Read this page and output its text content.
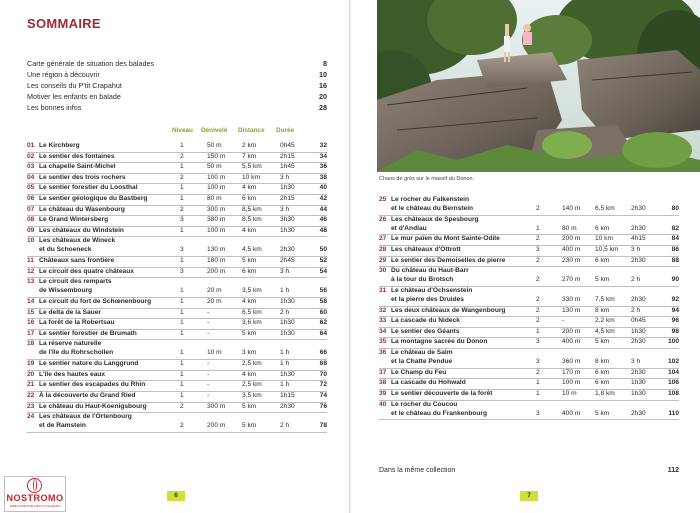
SOMMAIRE
Carte générale de situation des balades	8
Une région à découvrir	10
Les conseils du P'tit Crapahut	16
Motiver les enfants en balade	20
Les bonnes infos	28
Niveau Dénivelé Distance Durée
01 Le Kirchberg	1	50 m	2 km	0h45	32
02 Le sentier des fontaines	2	150 m	7 km	2h15	34
03 La chapelle Saint-Michel	1	50 m	5,5 km	1h45	36
04 Le sentier des trois rochers	2	100 m	10 km	3 h	38
05 Le sentier forestier du Loosthal	1	100 m	4 km	1h30	40
06 Le sentier géologique du Bastberg	1	80 m	6 km	2h15	42
07 Le château du Wasenbourg	2	300 m	8,5 km	3 h	44
08 Le Grand Wintersberg	3	380 m	8,5 km	3h30	46
09 Les châteaux du Windstein	1	100 m	4 km	1h30	48
10 Les châteaux de Wineck
et du Schoeneck	3	130 m	4,5 km	2h30	50
11 Châteaux sans frontière	1	180 m	5 km	2h45	52
12 Le circuit des quatre châteaux	3	200 m	6 km	3 h	54
13 Le circuit des remparts
de Wissembourg	1	20 m	3,5 km	1 h	56
14 Le circuit du fort de Schœnenbourg	1	20 m	4 km	1h30	58
15 Le delta de la Sauer	1	-	6,5 km	2 h	60
16 La forêt de la Robertsau	1	-	3,6 km	1h30	62
17 Le sentier forestier de Brumath	1	-	5 km	1h30	64
18 La réserve naturelle
de l'île du Rohrschollen	1	10 m	3 km	1 h	66
19 Le sentier nature du Langgrund	1	-	2,5 km	1 h	68
20 L'île des hautes eaux	1	-	4 km	1h30	70
21 Le sentier des escapades du Rhin	1	-	2,5 km	1 h	72
22 À la découverte du Grand Ried	1	-	3,5 km	1h15	74
23 Le château du Haut-Koenigsbourg	2	300 m	5 km	2h30	76
24 Les châteaux de l'Ortenbourg
et de Ramstein	2	200 m	5 km	2 h	78
6
Chaos de grès sur le massif du Donon.
25 Le rocher du Falkenstein
et le château du Bernstein	2	140 m 6,5 km 2h30	80
26 Les châteaux de Spesbourg
et d'Andlau	1	80 m	6 km	2h30	82
27 Le mur païen du Mont Sainte-Odile	2	200 m 10 km	4h15	84
28 Les châteaux d'Ottrott	3	400 m 10,5 km 3 h	86
29 Le sentier des Demoiselles de pierre	2	230 m 6 km	2h30	88
30 Du château du Haut-Barr
à la tour du Brotsch	2	270 m 5 km	2 h	90
31 Le château d'Ochsenstein
et la pierre des Druides	2	330 m 7,5 km 2h30	92
32 Les deux châteaux de Wangenbourg	2	130 m 8 km	2 h	94
33 La cascade du Nideck	2	-	2,2 km 0h45	96
34 Le sentier des Géants	1	200 m 4,5 km 1h30	98
35 La montagne sacrée du Donon	3	400 m 5 km	2h30	100
36 Le château de Salm
et la Chatte Pendue	3	360 m 8 km	3 h	102
37 Le Champ du Feu	2	170 m 6 km	2h30	104
38 La cascade du Hohwald	1	100 m 6 km	1h30	106
39 Le sentier découverte de la forêt	1	10 m	1,8 km 1h30	108
40 Le rocher du Coucou
et le château du Frankenbourg	3	400 m 5 km	2h30	110
Dans la même collection	112
7
NOSTROMO
WEB COMPTOIR DES VOYAGEURS
